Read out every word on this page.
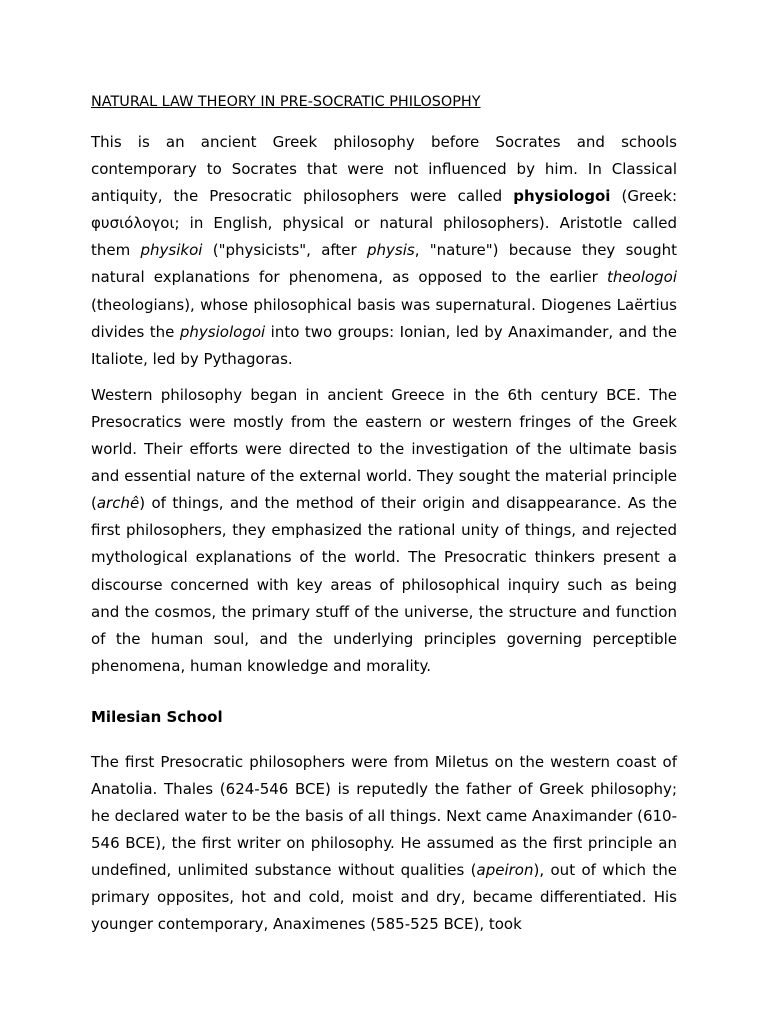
NATURAL LAW THEORY IN PRE-SOCRATIC PHILOSOPHY

This is an ancient Greek philosophy before Socrates and schools contemporary to Socrates that were not influenced by him. In Classical antiquity, the Presocratic philosophers were called physiologoi (Greek: φυσιόλογοι; in English, physical or natural philosophers). Aristotle called them physikoi ("physicists", after physis, "nature") because they sought natural explanations for phenomena, as opposed to the earlier theologoi (theologians), whose philosophical basis was supernatural. Diogenes Laërtius divides the physiologoi into two groups: Ionian, led by Anaximander, and the Italiote, led by Pythagoras.

Western philosophy began in ancient Greece in the 6th century BCE. The Presocratics were mostly from the eastern or western fringes of the Greek world. Their efforts were directed to the investigation of the ultimate basis and essential nature of the external world. They sought the material principle (archê) of things, and the method of their origin and disappearance. As the first philosophers, they emphasized the rational unity of things, and rejected mythological explanations of the world. The Presocratic thinkers present a discourse concerned with key areas of philosophical inquiry such as being and the cosmos, the primary stuff of the universe, the structure and function of the human soul, and the underlying principles governing perceptible phenomena, human knowledge and morality.

Milesian School

The first Presocratic philosophers were from Miletus on the western coast of Anatolia. Thales (624-546 BCE) is reputedly the father of Greek philosophy; he declared water to be the basis of all things. Next came Anaximander (610-546 BCE), the first writer on philosophy. He assumed as the first principle an undefined, unlimited substance without qualities (apeiron), out of which the primary opposites, hot and cold, moist and dry, became differentiated. His younger contemporary, Anaximenes (585-525 BCE), took
